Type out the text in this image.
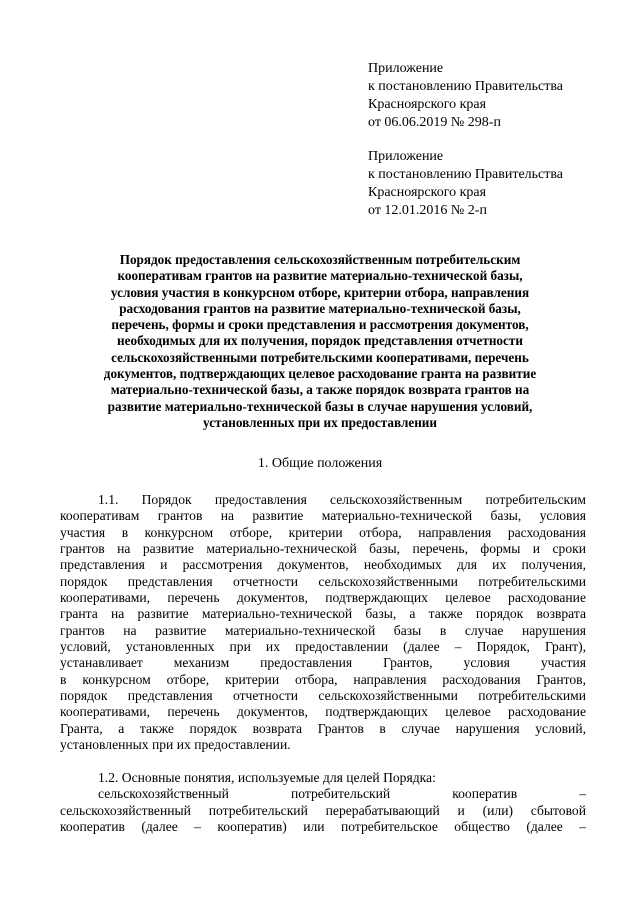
Приложение
к постановлению Правительства
Красноярского края
от 06.06.2019 № 298-п
Приложение
к постановлению Правительства
Красноярского края
от 12.01.2016 № 2-п
Порядок предоставления сельскохозяйственным потребительским
кооперативам грантов на развитие материально-технической базы,
условия участия в конкурсном отборе, критерии отбора, направления
расходования грантов на развитие материально-технической базы,
перечень, формы и сроки представления и рассмотрения документов,
необходимых для их получения, порядок представления отчетности
сельскохозяйственными потребительскими кооперативами, перечень
документов, подтверждающих целевое расходование гранта на развитие
материально-технической базы, а также порядок возврата грантов на
развитие материально-технической базы в случае нарушения условий,
установленных при их предоставлении
1. Общие положения
1.1. Порядок предоставления сельскохозяйственным потребительским
кооперативам грантов на развитие материально-технической базы, условия
участия в конкурсном отборе, критерии отбора, направления расходования
грантов на развитие материально-технической базы, перечень, формы и сроки
представления и рассмотрения документов, необходимых для их получения,
порядок представления отчетности сельскохозяйственными потребительскими
кооперативами, перечень документов, подтверждающих целевое расходование
гранта на развитие материально-технической базы, а также порядок возврата
грантов на развитие материально-технической базы в случае нарушения
условий, установленных при их предоставлении (далее – Порядок, Грант),
устанавливает механизм предоставления Грантов, условия участия
в конкурсном отборе, критерии отбора, направления расходования Грантов,
порядок представления отчетности сельскохозяйственными потребительскими
кооперативами, перечень документов, подтверждающих целевое расходование
Гранта, а также порядок возврата Грантов в случае нарушения условий,
установленных при их предоставлении.
1.2. Основные понятия, используемые для целей Порядка:
сельскохозяйственный потребительский кооператив –
сельскохозяйственный потребительский перерабатывающий и (или) сбытовой
кооператив (далее – кооператив) или потребительское общество (далее –
